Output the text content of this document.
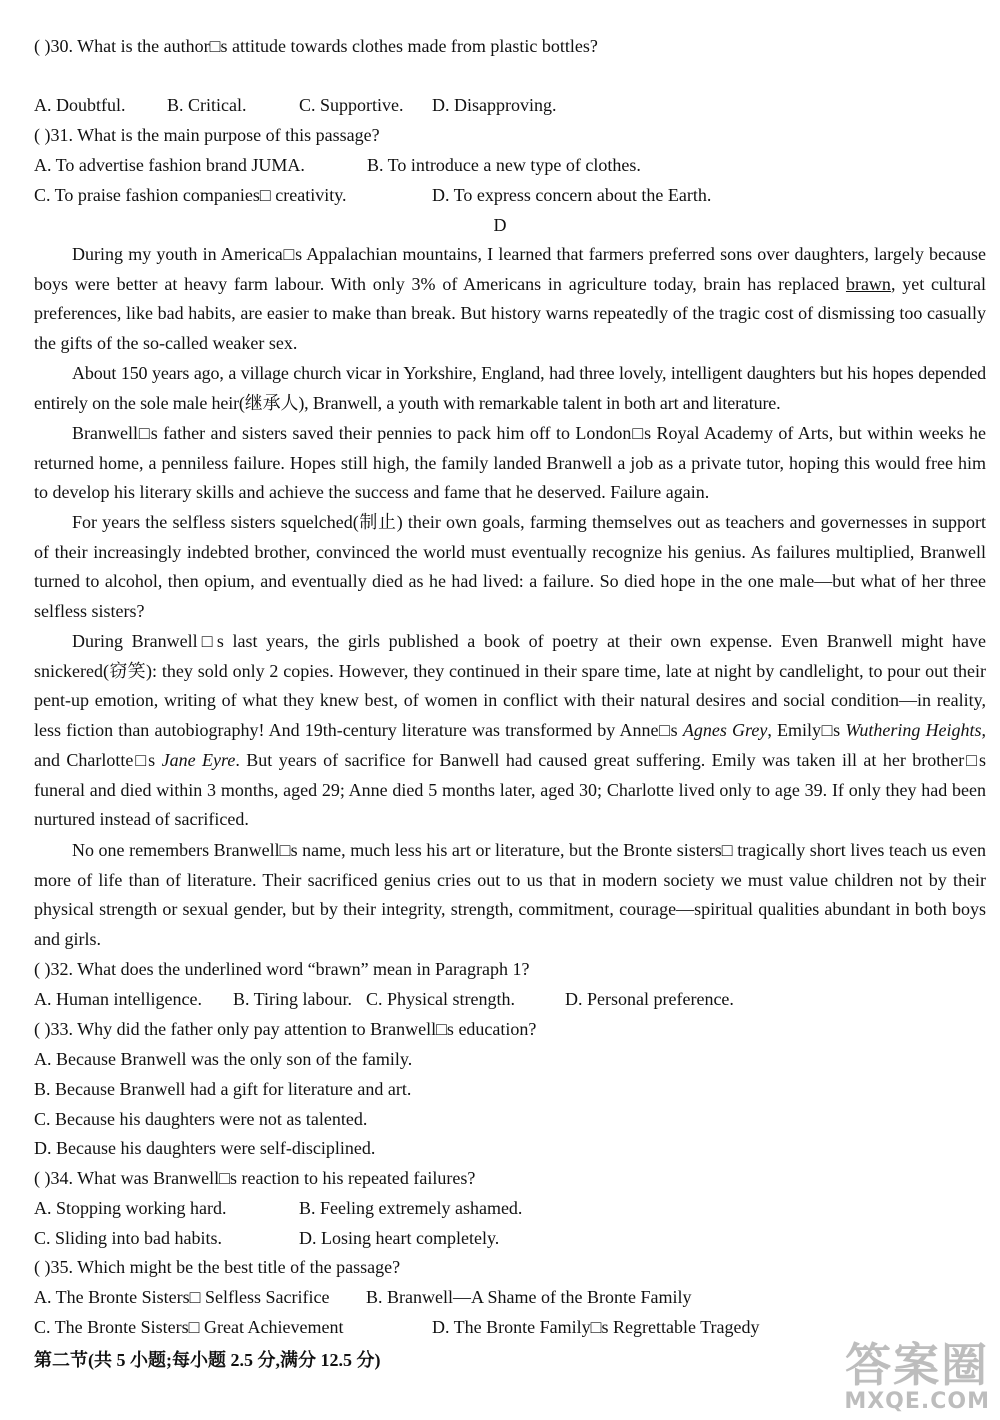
( )30. What is the author□s attitude towards clothes made from plastic bottles?
A. Doubtful. B. Critical.	C. Supportive. D. Disapproving.
( )31. What is the main purpose of this passage?
A. To advertise fashion brand JUMA.	B. To introduce a new type of clothes.
C. To praise fashion companies□ creativity.	D. To express concern about the Earth.
D
During my youth in America□s Appalachian mountains, I learned that farmers preferred sons over daughters, largely because boys were better at heavy farm labour. With only 3% of Americans in agriculture today, brain has replaced brawn, yet cultural preferences, like bad habits, are easier to make than break. But history warns repeatedly of the tragic cost of dismissing too casually the gifts of the so-called weaker sex.
About 150 years ago, a village church vicar in Yorkshire, England, had three lovely, intelligent daughters but his hopes depended entirely on the sole male heir(继承人), Branwell, a youth with remarkable talent in both art and literature.
Branwell□s father and sisters saved their pennies to pack him off to London□s Royal Academy of Arts, but within weeks he returned home, a penniless failure. Hopes still high, the family landed Branwell a job as a private tutor, hoping this would free him to develop his literary skills and achieve the success and fame that he deserved. Failure again.
For years the selfless sisters squelched(制止) their own goals, farming themselves out as teachers and governesses in support of their increasingly indebted brother, convinced the world must eventually recognize his genius. As failures multiplied, Branwell turned to alcohol, then opium, and eventually died as he had lived: a failure. So died hope in the one male—but what of her three selfless sisters?
During Branwell□s last years, the girls published a book of poetry at their own expense. Even Branwell might have snickered(窃笑): they sold only 2 copies. However, they continued in their spare time, late at night by candlelight, to pour out their pent-up emotion, writing of what they knew best, of women in conflict with their natural desires and social condition—in reality, less fiction than autobiography! And 19th-century literature was transformed by Anne□s Agnes Grey, Emily□s Wuthering Heights, and Charlotte□s Jane Eyre. But years of sacrifice for Banwell had caused great suffering. Emily was taken ill at her brother□s funeral and died within 3 months, aged 29; Anne died 5 months later, aged 30; Charlotte lived only to age 39. If only they had been nurtured instead of sacrificed.
No one remembers Branwell□s name, much less his art or literature, but the Bronte sisters□ tragically short lives teach us even more of life than of literature. Their sacrificed genius cries out to us that in modern society we must value children not by their physical strength or sexual gender, but by their integrity, strength, commitment, courage—spiritual qualities abundant in both boys and girls.
( )32. What does the underlined word “brawn” mean in Paragraph 1?
A. Human intelligence. B. Tiring labour. C. Physical strength.	D. Personal preference.
( )33. Why did the father only pay attention to Branwell□s education?
A. Because Branwell was the only son of the family.
B. Because Branwell had a gift for literature and art.
C. Because his daughters were not as talented.
D. Because his daughters were self-disciplined.
( )34. What was Branwell□s reaction to his repeated failures?
A. Stopping working hard.	B. Feeling extremely ashamed.
C. Sliding into bad habits.	D. Losing heart completely.
( )35. Which might be the best title of the passage?
A. The Bronte Sisters□ Selfless Sacrifice B. Branwell—A Shame of the Bronte Family
C. The Bronte Sisters□ Great Achievement	D. The Bronte Family□s Regrettable Tragedy
第二节(共 5 小题;每小题 2.5 分,满分 12.5 分)	答案圈
MXQE.COM
